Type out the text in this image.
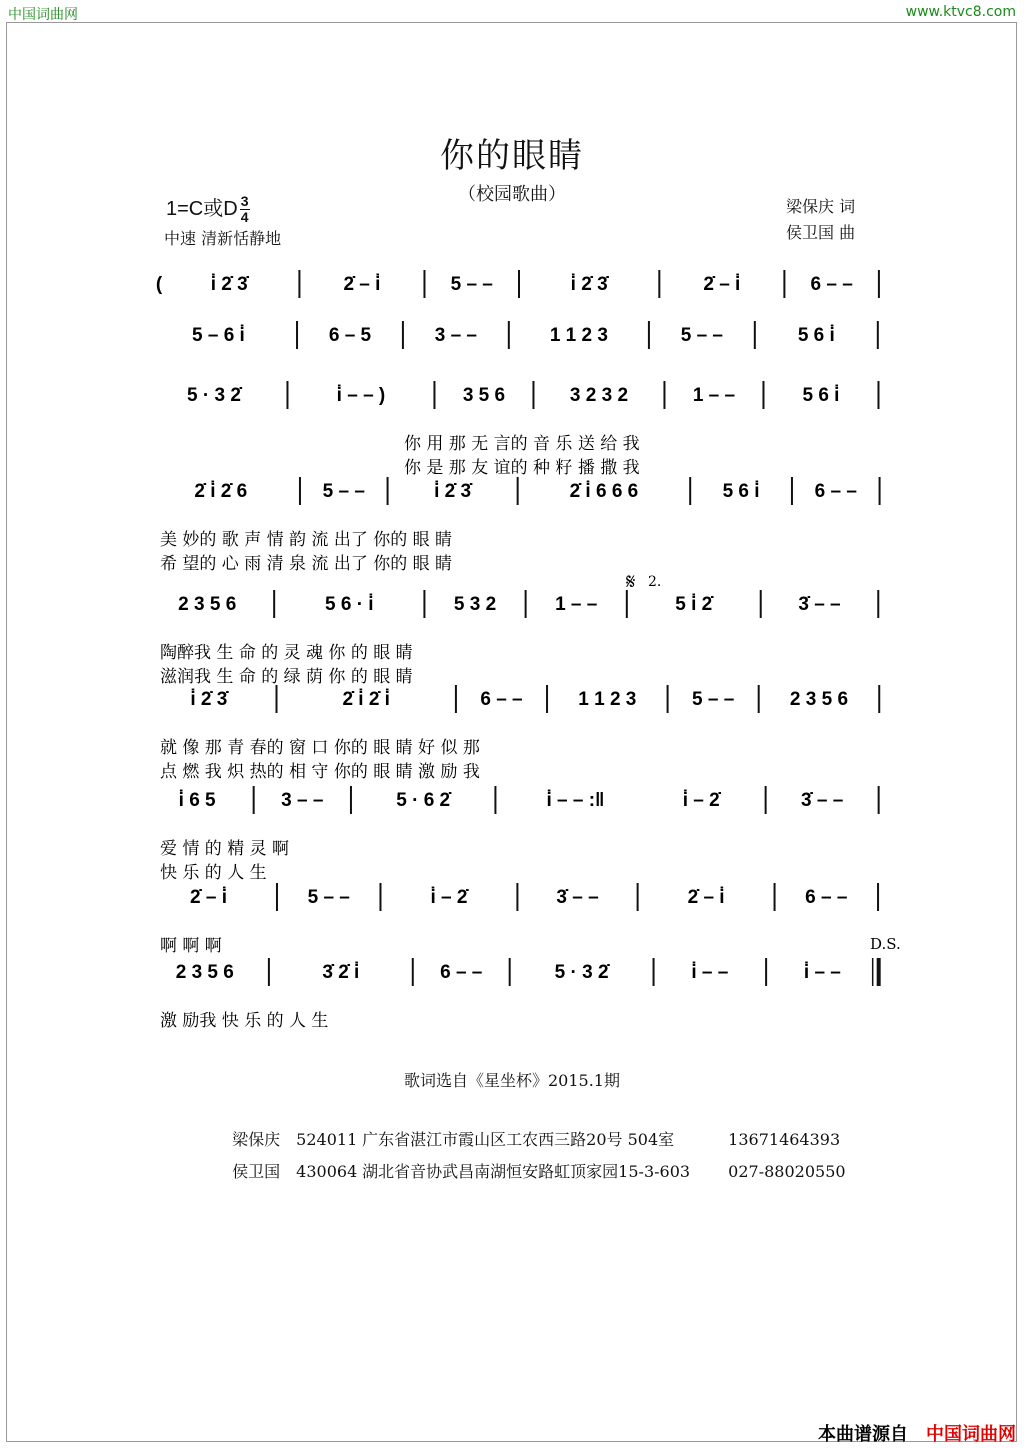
中国词曲网	www.ktvc8.com
你的眼睛
（校园歌曲）
1=C或D $\frac{3}{4}$
中速 清新恬静地
梁保庆 词
侯卫国 曲
(	i̇ 2̇ 3̇	2̇ – i̇	5 – –	i̇ 2̇ 3̇	2̇ – i̇	6 – –
5 – 6 i̇	6 – 5	3 – –	1 1 2 3	5 – –	5 6 i̇
5 · 3 2̇	i̇ – – )	3 5 6	3 2 3 2	1 – –	5 6 i̇
你 用 那 无 言的 音 乐 送 给 我
你 是 那 友 谊的 种 籽 播 撒 我
2̇ i̇ 2̇ 6	5 – –	i̇ 2̇ 3̇	2̇ i̇ 6 6 6	5 6 i̇	6 – –
美 妙的 歌 声 情 韵 流 出了 你的 眼 睛
希 望的 心 雨 清 泉 流 出了 你的 眼 睛
2 3 5 6	5 6 · i̇	5 3 2	1 – –	5 i̇ 2̇	3̇ – –
陶醉我 生 命 的 灵 魂 你 的 眼 睛
滋润我 生 命 的 绿 荫 你 的 眼 睛
i̇ 2̇ 3̇	2̇ i̇ 2̇ i̇	6 – –	1 1 2 3	5 – –	2 3 5 6
就 像 那 青 春的 窗 口 你的 眼 睛 好 似 那
点 燃 我 炽 热的 相 守 你的 眼 睛 激 励 我
i̇ 6 5	3 – –	5 · 6 2̇	i̇ – – :‖	i̇ – 2̇	3̇ – –
爱 情 的 精 灵 啊
快 乐 的 人 生
2̇ – i̇	5 – –	i̇ – 2̇	3̇ – –	2̇ – i̇	6 – –
啊 啊 啊
2 3 5 6	3̇ 2̇ i̇	6 – –	5 · 3 2̇	i̇ – –	i̇ – –
激 励我 快 乐 的 人 生
𝄋 2.
D.S.
歌词选自《星坐杯》2015.1期

梁保庆 524011 广东省湛江市霞山区工农西三路20号 504室	13671464393

侯卫国 430064 湖北省音协武昌南湖恒安路虹顶家园15-3-603 027-88020550

本曲谱源自 中国词曲网
